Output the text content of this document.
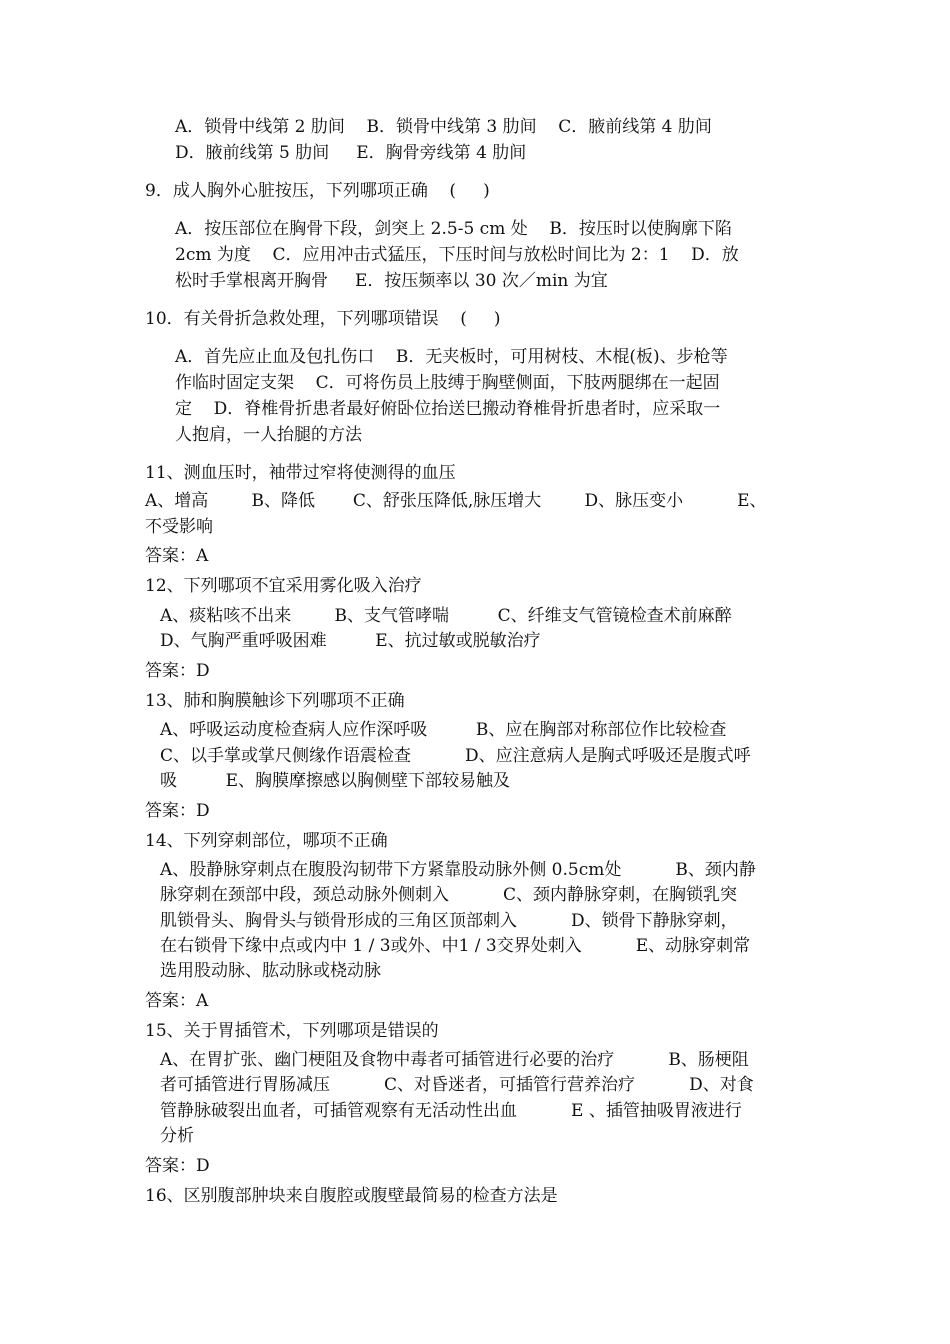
A．锁骨中线第 2 肋间    B．锁骨中线第 3 肋间    C．腋前线第 4 肋间
D．腋前线第 5 肋间     E．胸骨旁线第 4 肋间
9．成人胸外心脏按压，下列哪项正确    (     )
A．按压部位在胸骨下段，剑突上 2.5-5 cm 处    B．按压时以使胸廓下陷
2cm 为度    C．应用冲击式猛压，下压时间与放松时间比为 2：1    D．放
松时手掌根离开胸骨     E．按压频率以 30 次／min 为宜
10．有关骨折急救处理，下列哪项错误    (     )
A．首先应止血及包扎伤口    B．无夹板时，可用树枝、木棍(板)、步枪等
作临时固定支架    C．可将伤员上肢缚于胸壁侧面，下肢两腿绑在一起固
定    D．脊椎骨折患者最好俯卧位抬送巳搬动脊椎骨折患者时，应采取一
人抱肩，一人抬腿的方法
11、测血压时，袖带过窄将使测得的血压
A、增高        B、降低       C、舒张压降低,脉压增大        D、脉压变小          E、
不受影响
答案：A
12、下列哪项不宜采用雾化吸入治疗
A、痰粘咳不出来        B、支气管哮喘         C、纤维支气管镜检查术前麻醉
D、气胸严重呼吸困难         E、抗过敏或脱敏治疗
答案：D
13、肺和胸膜触诊下列哪项不正确
A、呼吸运动度检查病人应作深呼吸         B、应在胸部对称部位作比较检查
C、以手掌或掌尺侧缘作语震检查          D、应注意病人是胸式呼吸还是腹式呼
吸         E、胸膜摩擦感以胸侧壁下部较易触及
答案：D
14、下列穿刺部位，哪项不正确
A、股静脉穿刺点在腹股沟韧带下方紧靠股动脉外侧 0.5cm处          B、颈内静
脉穿刺在颈部中段，颈总动脉外侧刺入          C、颈内静脉穿刺，在胸锁乳突
肌锁骨头、胸骨头与锁骨形成的三角区顶部刺入          D、锁骨下静脉穿刺，
在右锁骨下缘中点或内中 1 / 3或外、中1 / 3交界处刺入          E、动脉穿刺常
选用股动脉、肱动脉或桡动脉
答案：A
15、关于胃插管术，下列哪项是错误的
A、在胃扩张、幽门梗阻及食物中毒者可插管进行必要的治疗          B、肠梗阻
者可插管进行胃肠减压          C、对昏迷者，可插管行营养治疗          D、对食
管静脉破裂出血者，可插管观察有无活动性出血          E 、插管抽吸胃液进行
分析
答案：D
16、区别腹部肿块来自腹腔或腹壁最简易的检查方法是
